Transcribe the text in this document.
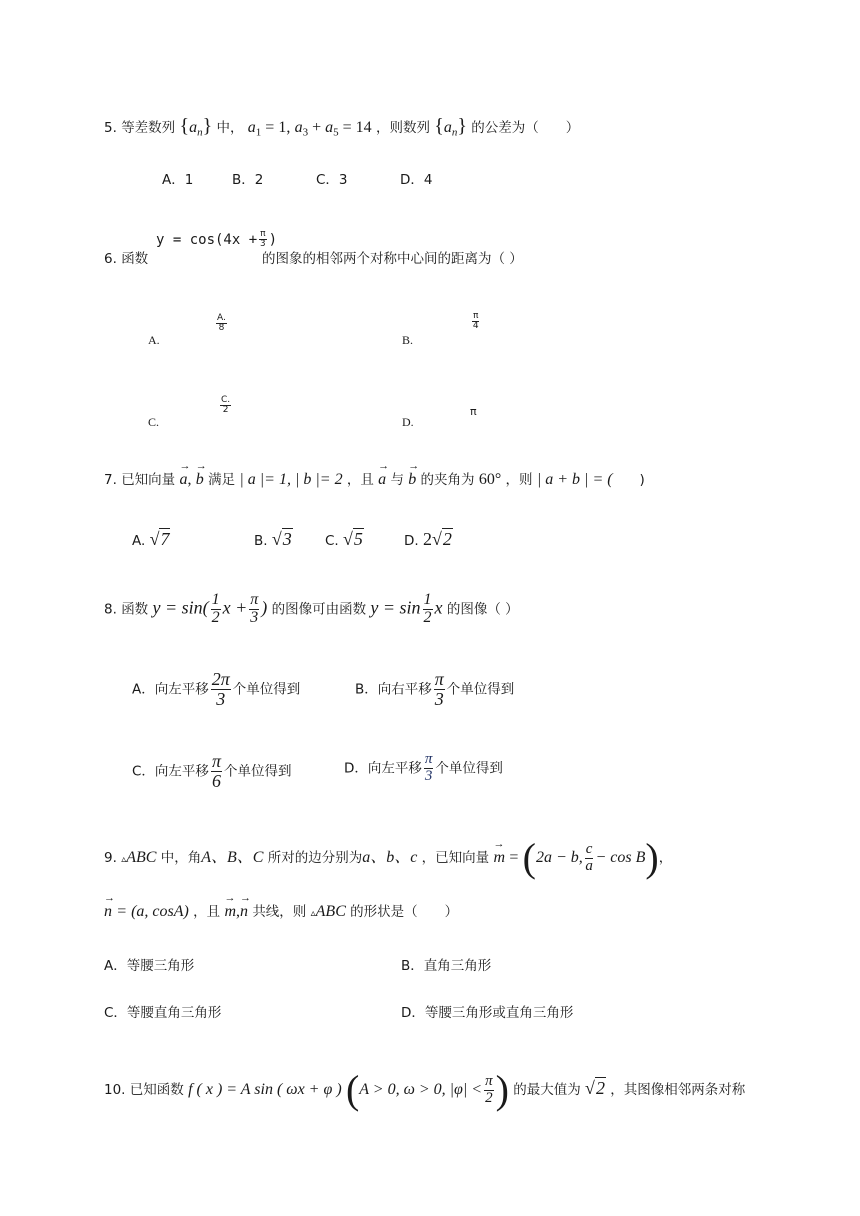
5. 等差数列 $\{a_n\}$ 中， $a_1 = 1$, $a_3 + a_5 = 14$ ，则数列 $\{a_n\}$ 的公差为（　　）
A．1	B．2	C．3	D．4
$y = \cos(4x + \frac{\pi}{3}$ )
6. 函数	的图象的相邻两个对称中心间的距离为（ ）
A.
$\frac{A.}{8}$
B.
$\frac{\pi}{4}$
C.
$\frac{C.}{2}$
D.
π
7. 已知向量 → a, → b 满足 | a |= 1, | b |= 2 ，且 → a 与 → b 的夹角为 60° ，则 | a + b | = (　　)
A. √7	B. √3 C. √5	D. 2√2
8. 函数 $y = \sin( \frac{1}{2}$ $x + \frac{\pi}{3}$ ) 的图像可由函数 $y = \sin \frac{1}{2}$ x 的图像（ ）
A．向左平移 $\frac{2\pi}{3}$ 个单位得到	B．向右平移 $\frac{\pi}{3}$ 个单位得到
C．向左平移 $\frac{\pi}{6}$ 个单位得到	D．向左平移 $\frac{\pi}{3}$ 个单位得到
9. ▵ABC 中，角A、B、C 所对的边分别为a、b、c ，已知向量 → m = (2a − b, $\frac{c}{a} - \cos B$)，
→ n = (a, cosA) ，且 → m,→ n 共线，则 ▵ABC 的形状是（　　）
A．等腰三角形	B．直角三角形
C．等腰直角三角形	D．等腰三角形或直角三角形
10. 已知函数 f ( x ) = A sin ( ωx + φ ) (A > 0, ω > 0, $|\varphi| < \frac{\pi}{2}$ ) 的最大值为 √2 ，其图像相邻两条对称
